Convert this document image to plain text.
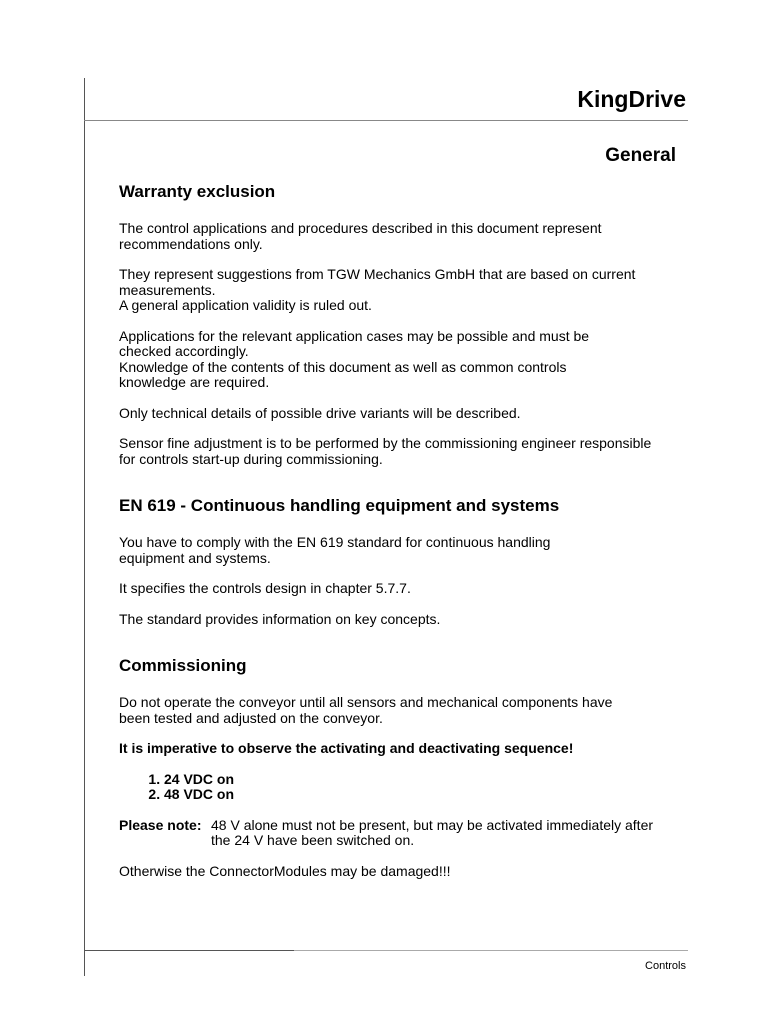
KingDrive
General
Warranty exclusion

The control applications and procedures described in this document represent recommendations only.

They represent suggestions from TGW Mechanics GmbH that are based on current measurements.
A general application validity is ruled out.

Applications for the relevant application cases may be possible and must be checked accordingly.
Knowledge of the contents of this document as well as common controls knowledge are required.

Only technical details of possible drive variants will be described.

Sensor fine adjustment is to be performed by the commissioning engineer responsible for controls start-up during commissioning.

EN 619 - Continuous handling equipment and systems

You have to comply with the EN 619 standard for continuous handling equipment and systems.

It specifies the controls design in chapter 5.7.7.

The standard provides information on key concepts.

Commissioning

Do not operate the conveyor until all sensors and mechanical components have been tested and adjusted on the conveyor.

It is imperative to observe the activating and deactivating sequence!

1. 24 VDC on
2. 48 VDC on
Please note: 48 V alone must not be present, but may be activated immediately after the 24 V have been switched on.

Otherwise the ConnectorModules may be damaged!!!

Controls
